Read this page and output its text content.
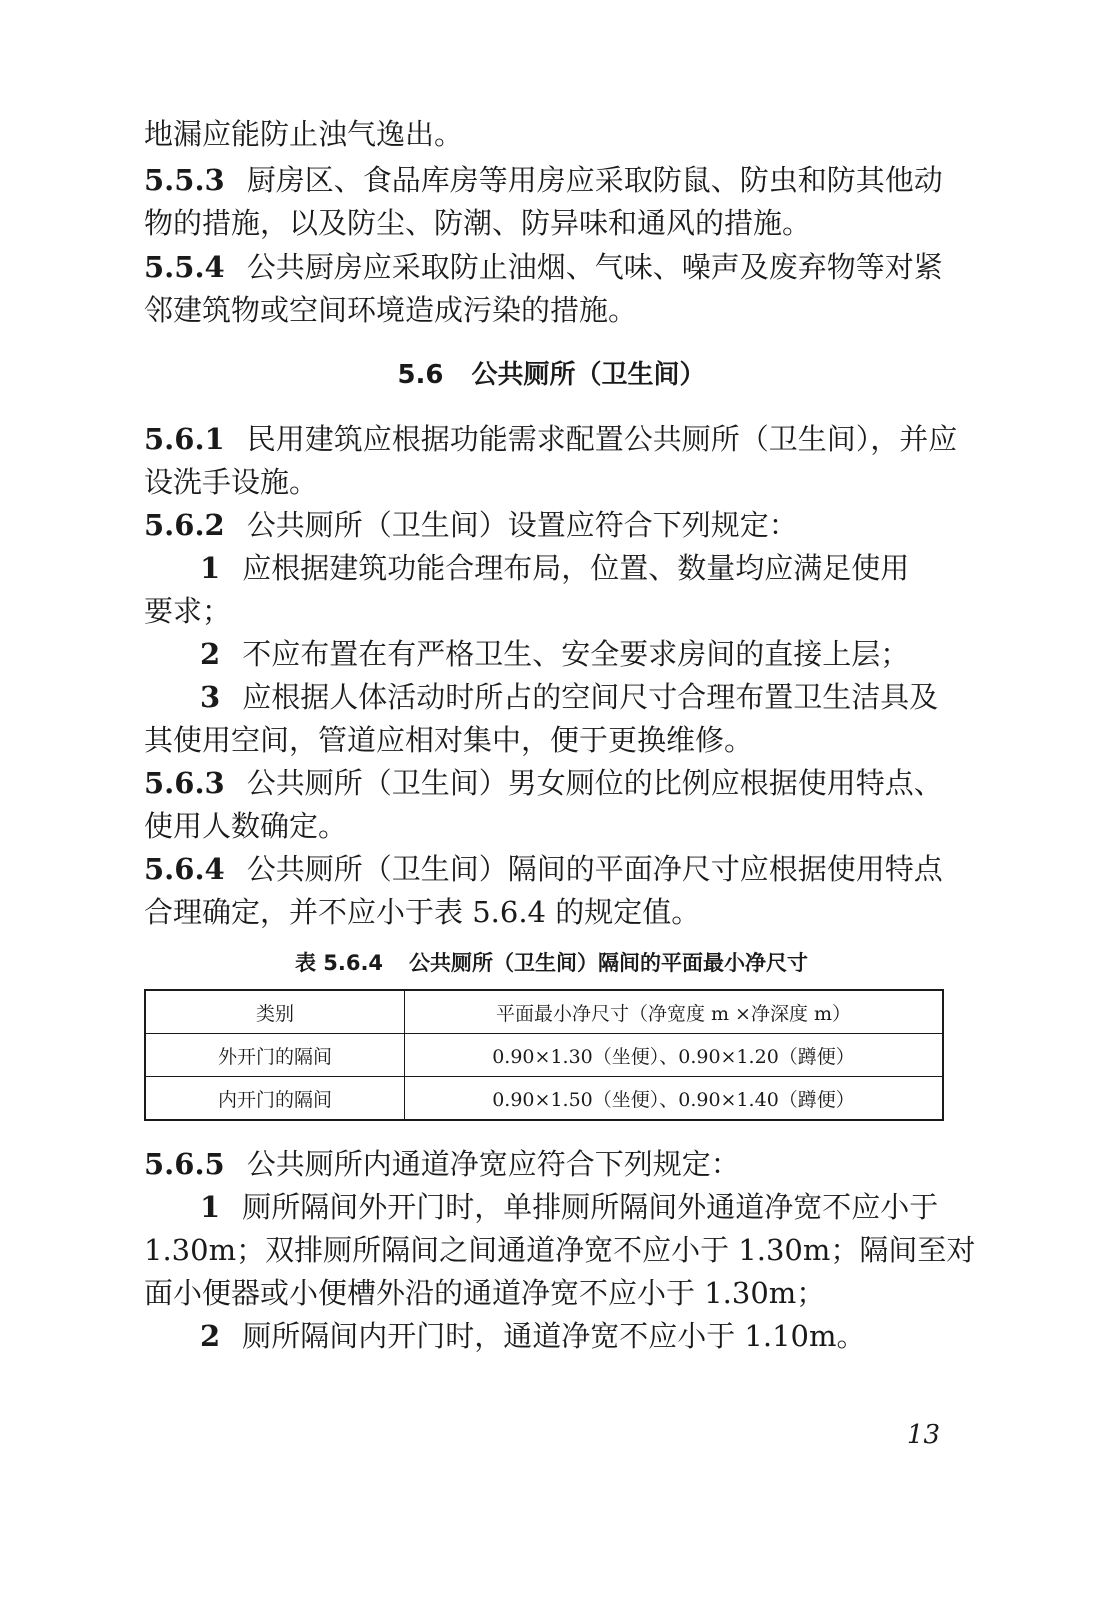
地漏应能防止浊气逸出。

5.5.3 厨房区、食品库房等用房应采取防鼠、防虫和防其他动

物的措施，以及防尘、防潮、防异味和通风的措施。

5.5.4 公共厨房应采取防止油烟、气味、噪声及废弃物等对紧

邻建筑物或空间环境造成污染的措施。

5.6 公共厕所（卫生间）

5.6.1 民用建筑应根据功能需求配置公共厕所（卫生间），并应

设洗手设施。

5.6.2 公共厕所（卫生间）设置应符合下列规定：

1 应根据建筑功能合理布局，位置、数量均应满足使用

要求；

2 不应布置在有严格卫生、安全要求房间的直接上层；
3 应根据人体活动时所占的空间尺寸合理布置卫生洁具及

其使用空间，管道应相对集中，便于更换维修。

5.6.3 公共厕所（卫生间）男女厕位的比例应根据使用特点、

使用人数确定。

5.6.4 公共厕所（卫生间）隔间的平面净尺寸应根据使用特点

合理确定，并不应小于表 5.6.4 的规定值。

表 5.6.4 公共厕所（卫生间）隔间的平面最小净尺寸
类别	平面最小净尺寸（净宽度 m ×净深度 m）
外开门的隔间	0.90×1.30（坐便）、0.90×1.20（蹲便）
内开门的隔间	0.90×1.50（坐便）、0.90×1.40（蹲便）

5.6.5 公共厕所内通道净宽应符合下列规定：

1 厕所隔间外开门时，单排厕所隔间外通道净宽不应小于

1.30m；双排厕所隔间之间通道净宽不应小于 1.30m；隔间至对

面小便器或小便槽外沿的通道净宽不应小于 1.30m；

2 厕所隔间内开门时，通道净宽不应小于 1.10m。
13
